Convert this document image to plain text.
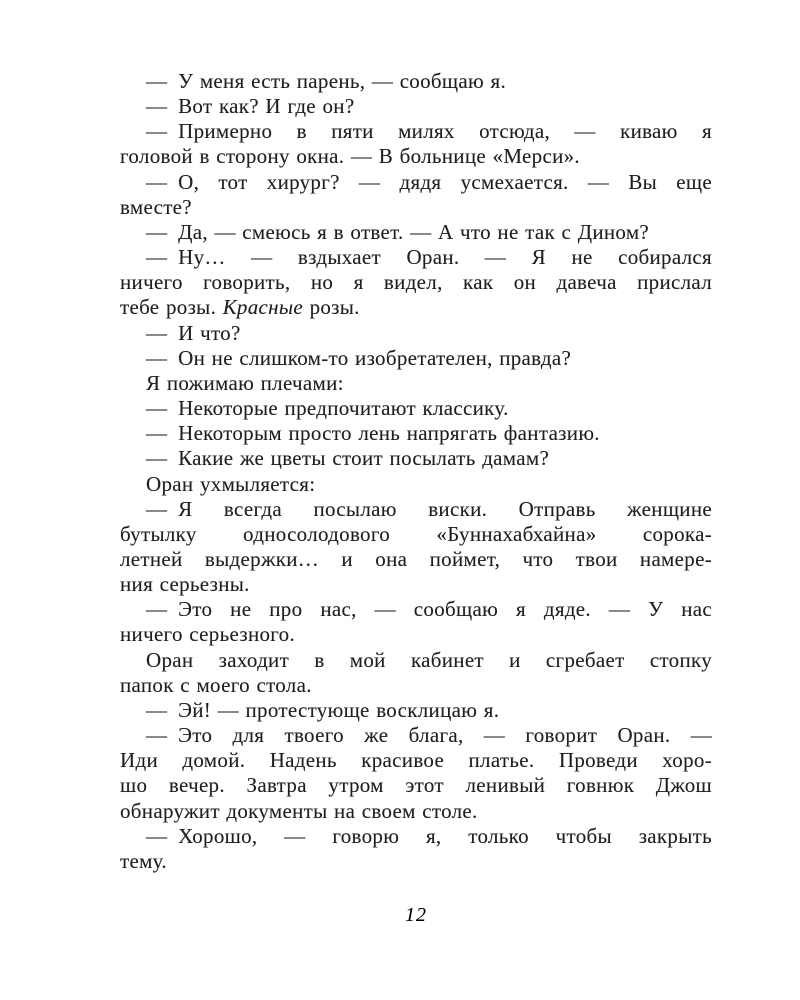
— У меня есть парень, — сообщаю я.
— Вот как? И где он?
— Примерно в пяти милях отсюда, — киваю я
головой в сторону окна. — В больнице «Мерси».
— О, тот хирург? — дядя усмехается. — Вы еще
вместе?
— Да, — смеюсь я в ответ. — А что не так с Дином?
— Ну… — вздыхает Оран. — Я не собирался
ничего говорить, но я видел, как он давеча прислал
тебе розы. Красные розы.
— И что?
— Он не слишком-то изобретателен, правда?
Я пожимаю плечами:
— Некоторые предпочитают классику.
— Некоторым просто лень напрягать фантазию.
— Какие же цветы стоит посылать дамам?
Оран ухмыляется:
— Я всегда посылаю виски. Отправь женщине
бутылку односолодового «Буннахабхайна» сорока-
летней выдержки… и она поймет, что твои намере-
ния серьезны.
— Это не про нас, — сообщаю я дяде. — У нас
ничего серьезного.
Оран заходит в мой кабинет и сгребает стопку
папок с моего стола.
— Эй! — протестующе восклицаю я.
— Это для твоего же блага, — говорит Оран. —
Иди домой. Надень красивое платье. Проведи хоро-
шо вечер. Завтра утром этот ленивый говнюк Джош
обнаружит документы на своем столе.
— Хорошо, — говорю я, только чтобы закрыть
тему.
12
